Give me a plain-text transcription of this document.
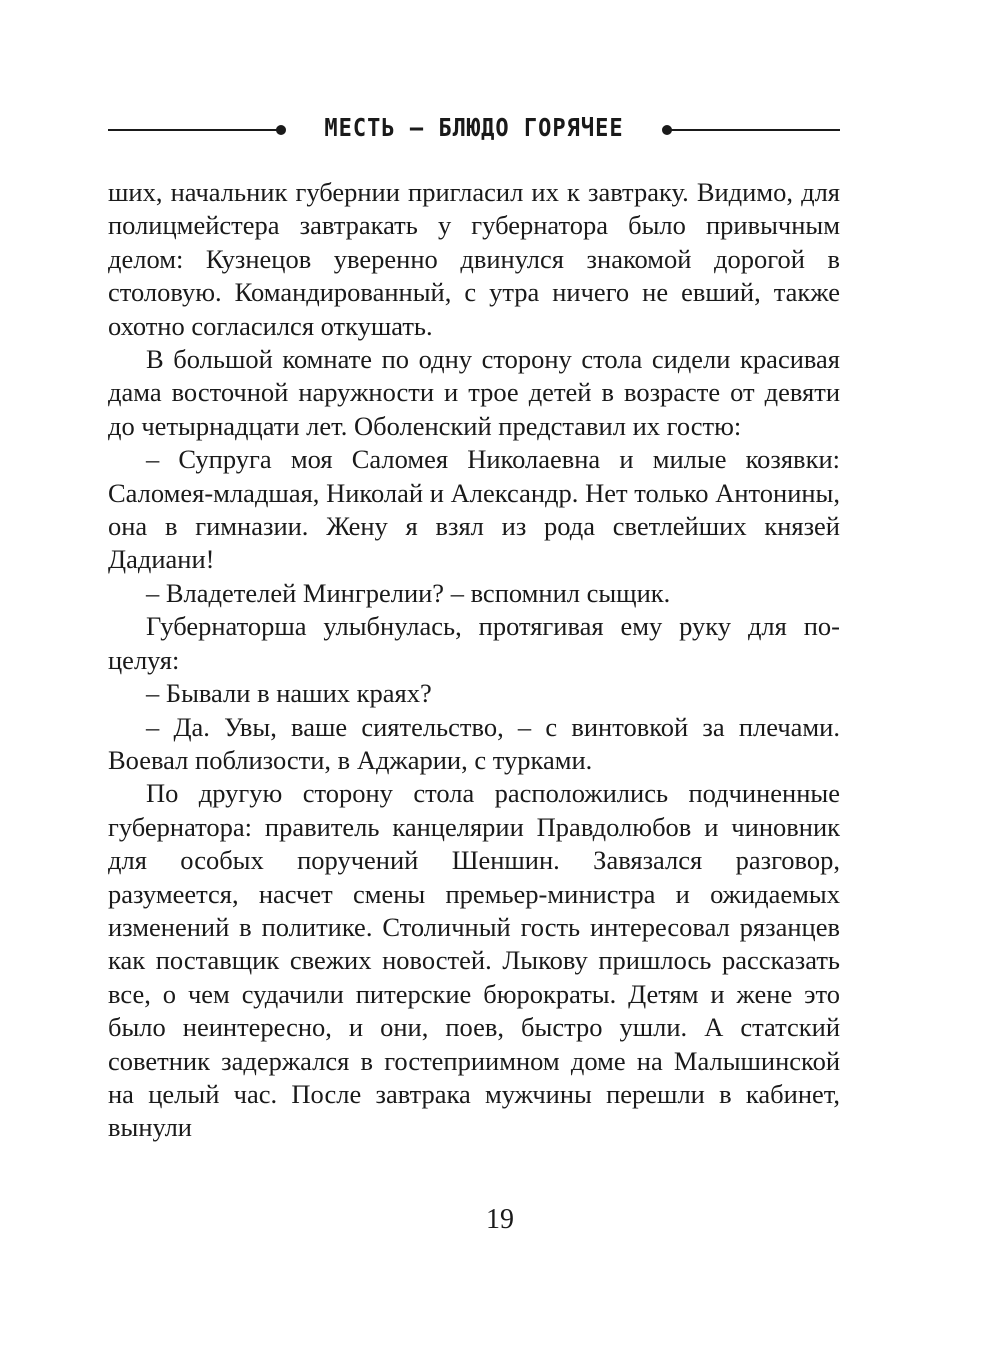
МЕСТЬ – БЛЮДО ГОРЯЧЕЕ

ших, начальник губернии пригласил их к завтраку. Видимо, для полицмейстера завтракать у губернатора было привычным делом: Кузнецов уверенно двинулся знакомой дорогой в столовую. Командированный, с утра ничего не евший, также охотно согласился откушать.

В большой комнате по одну сторону стола сидели красивая дама восточной наружности и трое детей в возрасте от девяти до четырнадцати лет. Оболенский представил их гостю:

– Супруга моя Саломея Николаевна и милые козявки: Саломея-младшая, Николай и Александр. Нет только Антонины, она в гимназии. Жену я взял из рода светлейших князей Дадиани!

– Владетелей Мингрелии? – вспомнил сыщик.

Губернаторша улыбнулась, протягивая ему руку для поцелуя:

– Бывали в наших краях?

– Да. Увы, ваше сиятельство, – с винтовкой за плечами. Воевал поблизости, в Аджарии, с турками.

По другую сторону стола расположились подчиненные губернатора: правитель канцелярии Правдолюбов и чиновник для особых поручений Шеншин. Завязался разговор, разумеется, насчет смены премьер-министра и ожидаемых изменений в политике. Столичный гость интересовал рязанцев как поставщик свежих новостей. Лыкову пришлось рассказать все, о чем судачили питерские бюрократы. Детям и жене это было неинтересно, и они, поев, быстро ушли. А статский советник задержался в гостеприимном доме на Малышинской на целый час. После завтрака мужчины перешли в кабинет, вынули

19
